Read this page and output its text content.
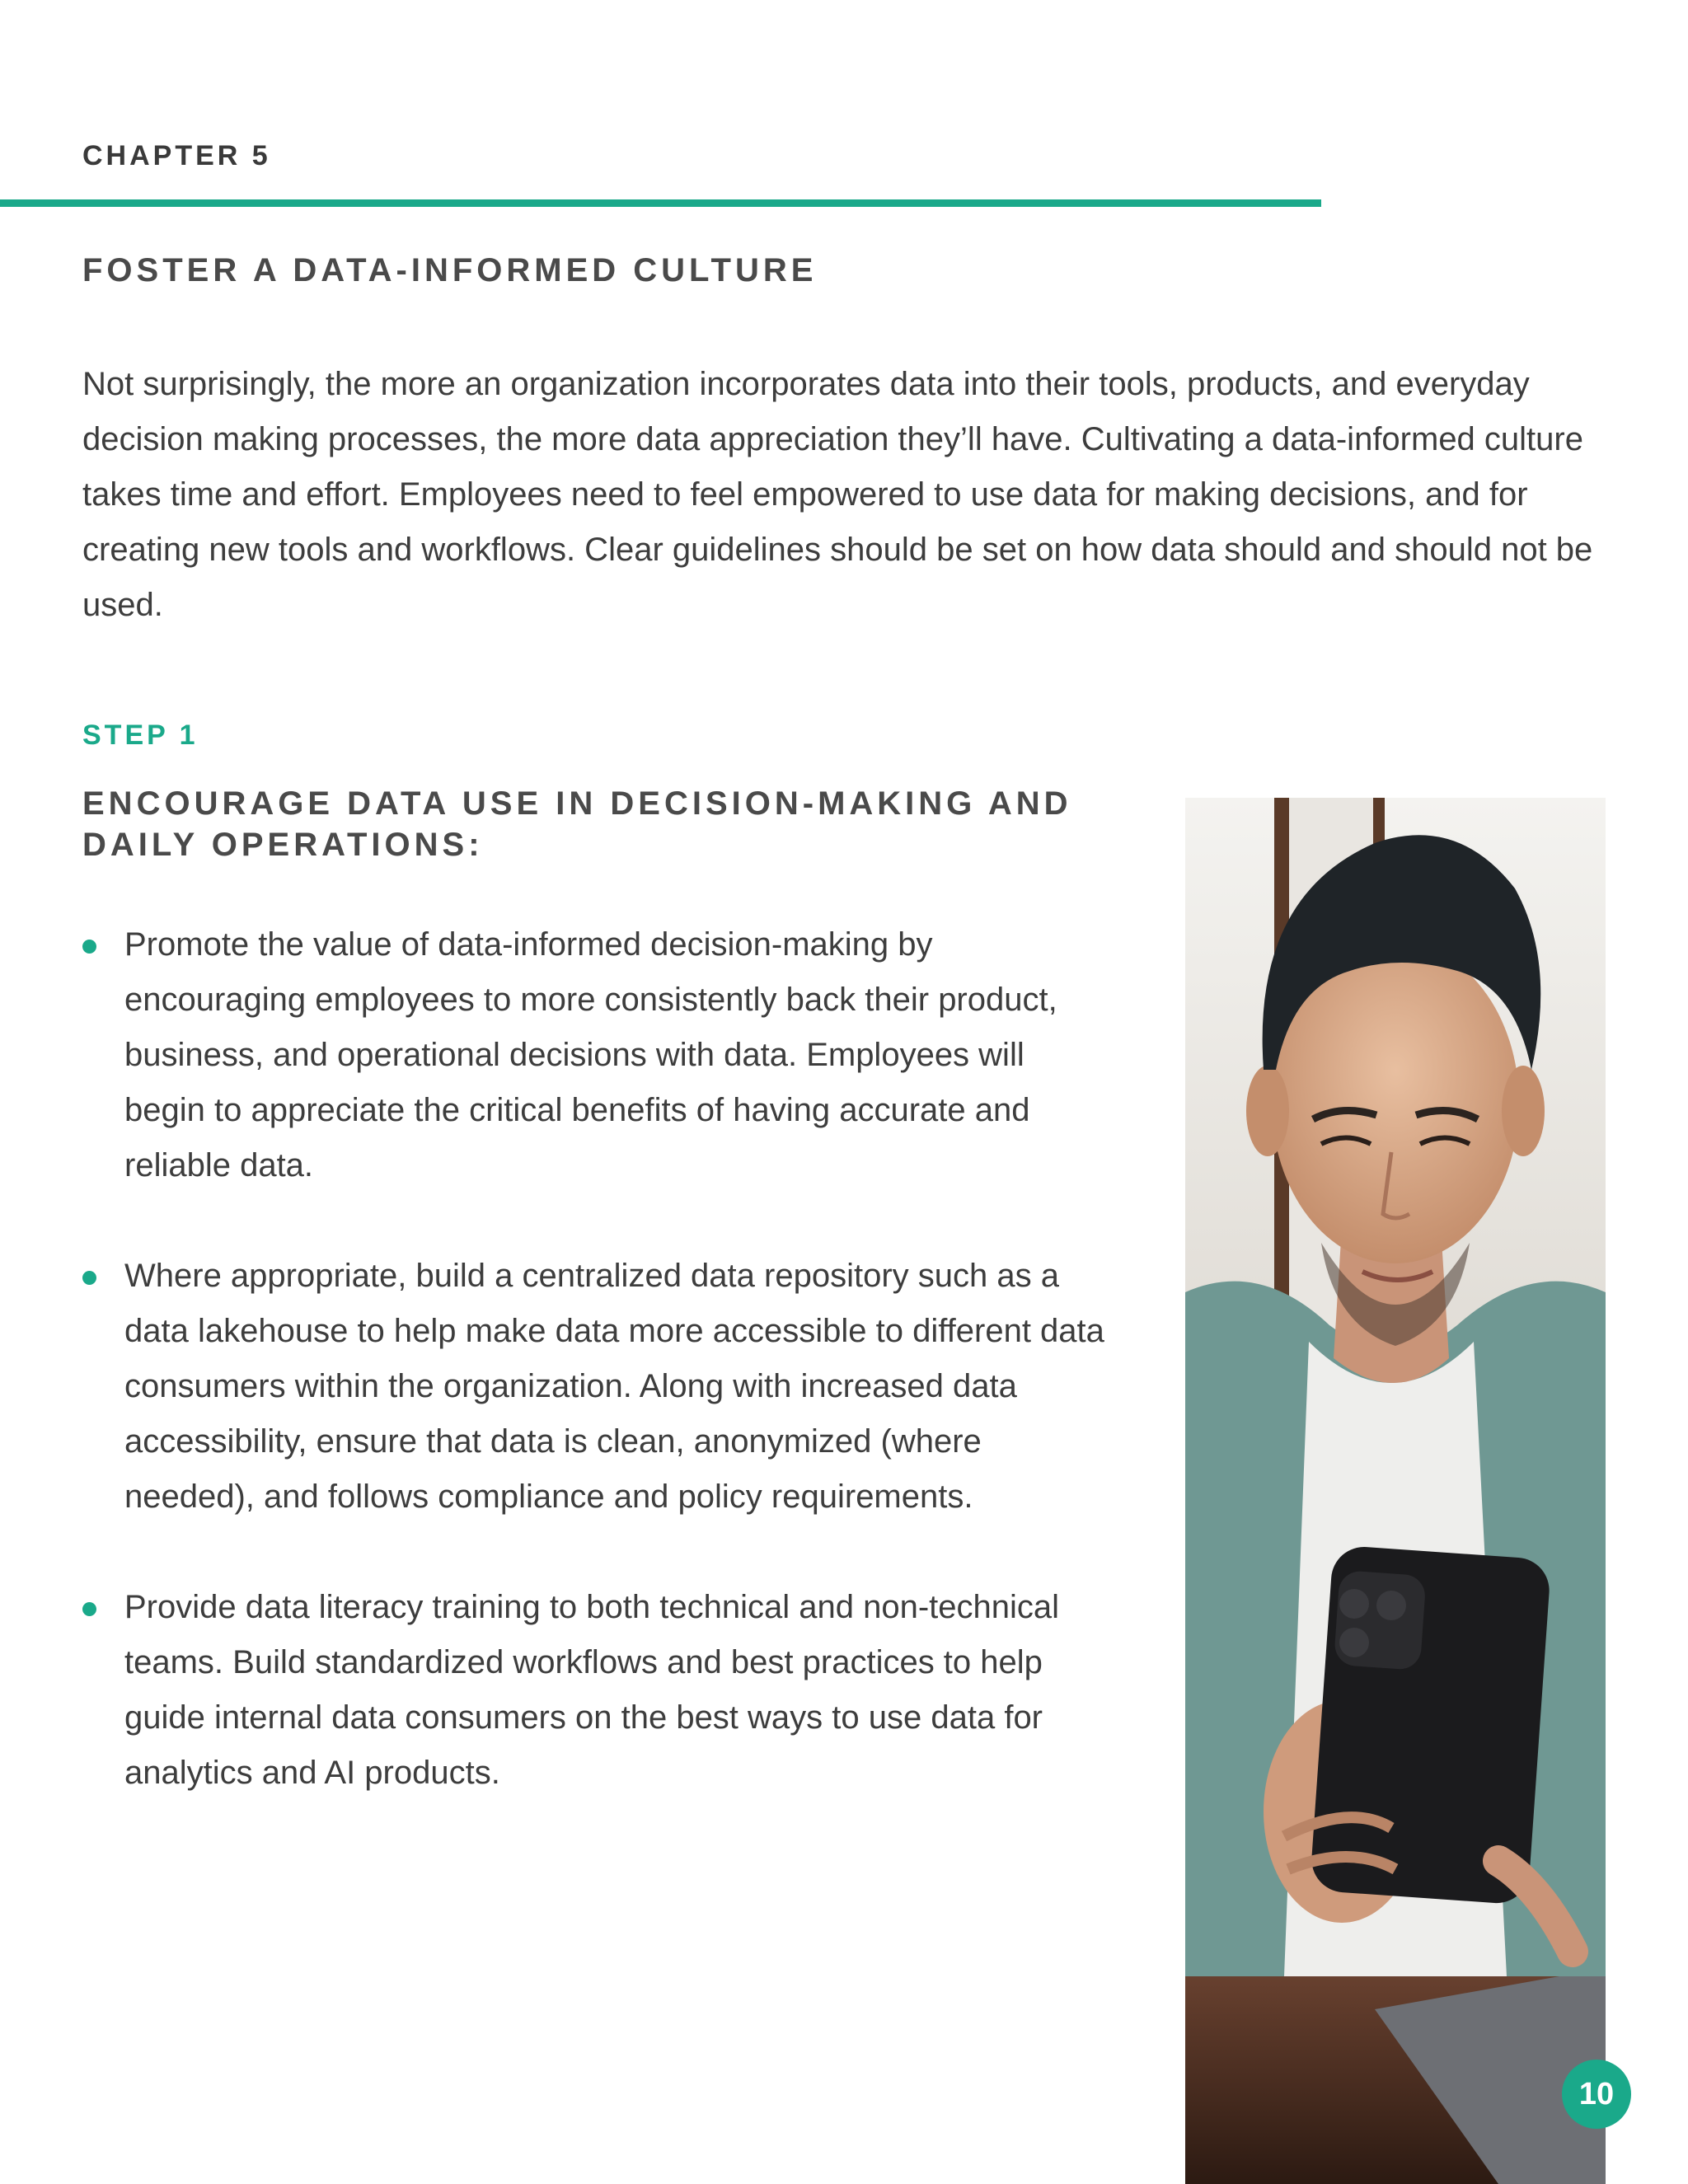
CHAPTER 5
FOSTER A DATA-INFORMED CULTURE

Not surprisingly, the more an organization incorporates data into their tools, products, and everyday decision making processes, the more data appreciation they’ll have. Cultivating a data-informed culture takes time and effort. Employees need to feel empowered to use data for making decisions, and for creating new tools and workflows. Clear guidelines should be set on how data should and should not be used.

STEP 1
ENCOURAGE DATA USE IN DECISION-MAKING AND DAILY OPERATIONS:
Promote the value of data-informed decision-making by encouraging employees to more consistently back their product, business, and operational decisions with data. Employees will begin to appreciate the critical benefits of having accurate and reliable data.
Where appropriate, build a centralized data repository such as a data lakehouse to help make data more accessible to different data consumers within the organization. Along with increased data accessibility, ensure that data is clean, anonymized (where needed), and follows compliance and policy requirements.
Provide data literacy training to both technical and non-technical teams. Build standardized workflows and best practices to help guide internal data consumers on the best ways to use data for analytics and AI products.
10
